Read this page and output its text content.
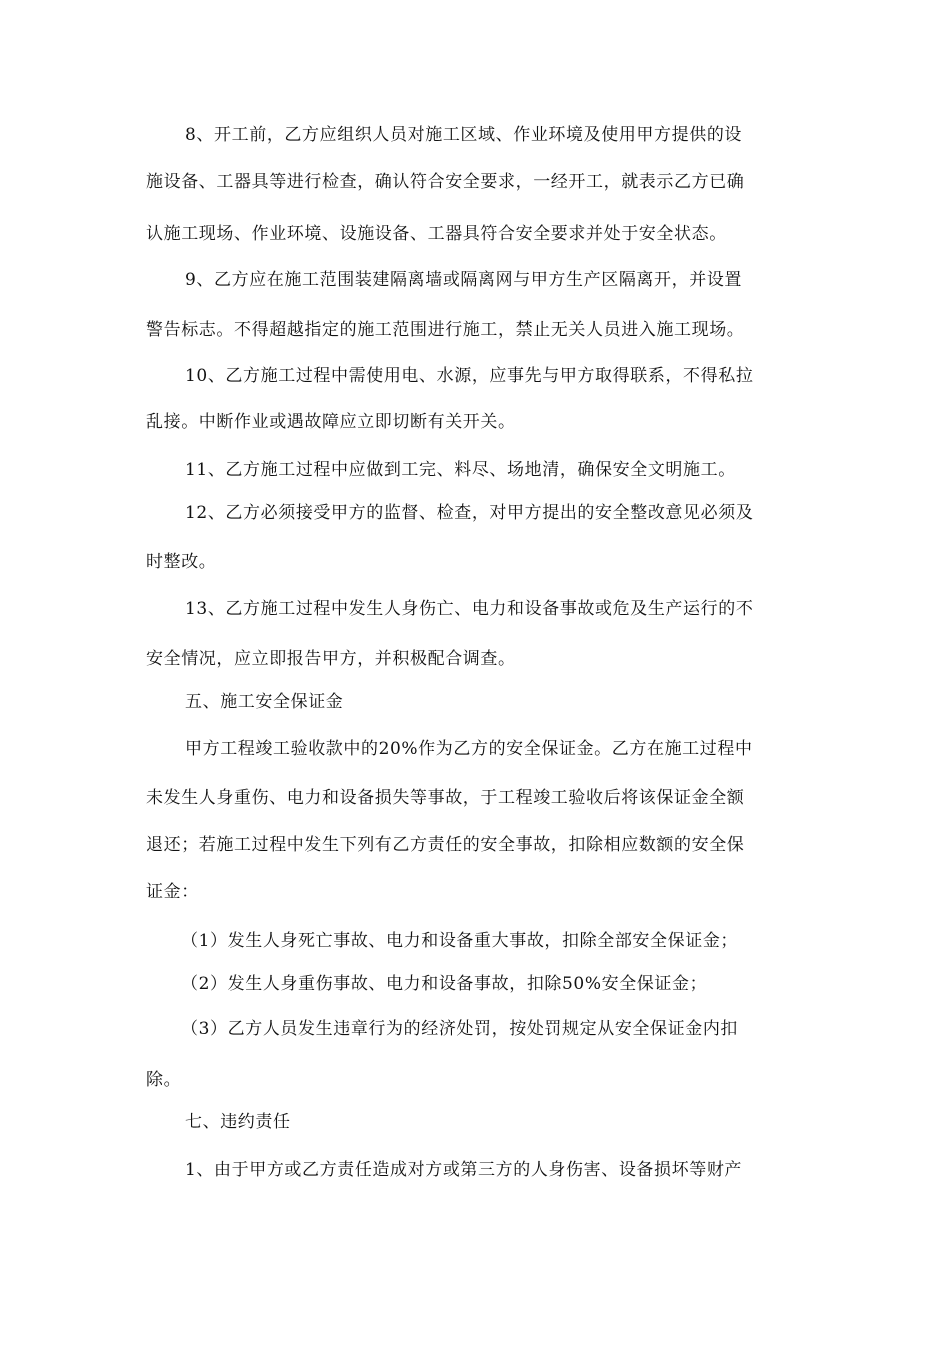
8、开工前，乙方应组织人员对施工区域、作业环境及使用甲方提供的设
施设备、工器具等进行检查，确认符合安全要求，一经开工，就表示乙方已确
认施工现场、作业环境、设施设备、工器具符合安全要求并处于安全状态。
9、乙方应在施工范围装建隔离墙或隔离网与甲方生产区隔离开，并设置
警告标志。不得超越指定的施工范围进行施工，禁止无关人员进入施工现场。
10、乙方施工过程中需使用电、水源，应事先与甲方取得联系，不得私拉
乱接。中断作业或遇故障应立即切断有关开关。
11、乙方施工过程中应做到工完、料尽、场地清，确保安全文明施工。
12、乙方必须接受甲方的监督、检查，对甲方提出的安全整改意见必须及
时整改。
13、乙方施工过程中发生人身伤亡、电力和设备事故或危及生产运行的不
安全情况，应立即报告甲方，并积极配合调查。
五、施工安全保证金
甲方工程竣工验收款中的20%作为乙方的安全保证金。乙方在施工过程中
未发生人身重伤、电力和设备损失等事故，于工程竣工验收后将该保证金全额
退还；若施工过程中发生下列有乙方责任的安全事故，扣除相应数额的安全保
证金：
（1）发生人身死亡事故、电力和设备重大事故，扣除全部安全保证金；
（2）发生人身重伤事故、电力和设备事故，扣除50%安全保证金；
（3）乙方人员发生违章行为的经济处罚，按处罚规定从安全保证金内扣
除。
七、违约责任
1、由于甲方或乙方责任造成对方或第三方的人身伤害、设备损坏等财产
